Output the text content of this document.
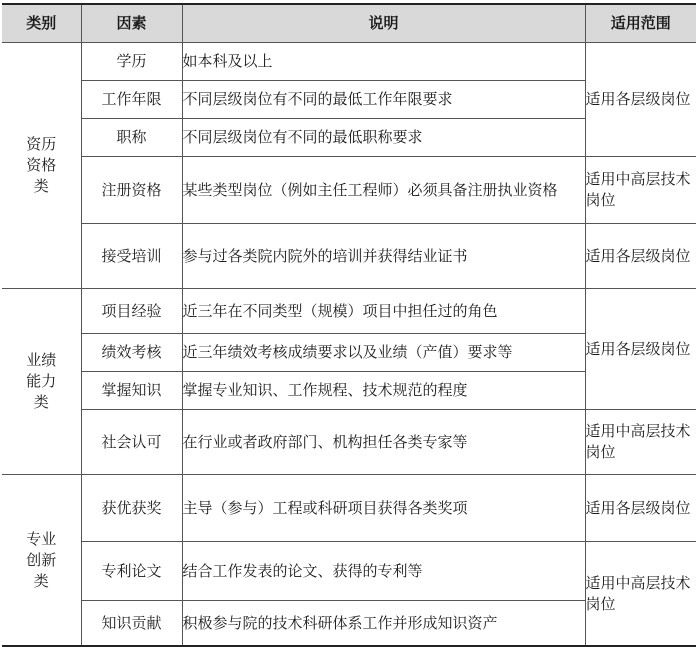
类别	因素	说明	适用范围

资历
资格
类	学历	如本科及以上	适用各层级岗位
	工作年限	不同层级岗位有不同的最低工作年限要求	
	职称	不同层级岗位有不同的最低职称要求	
	注册资格	某些类型岗位（例如主任工程师）必须具备注册执业资格	适用中高层技术岗位
	接受培训	参与过各类院内院外的培训并获得结业证书	适用各层级岗位

业绩
能力
类	项目经验	近三年在不同类型（规模）项目中担任过的角色	适用各层级岗位
	绩效考核	近三年绩效考核成绩要求以及业绩（产值）要求等	
	掌握知识	掌握专业知识、工作规程、技术规范的程度	
	社会认可	在行业或者政府部门、机构担任各类专家等	适用中高层技术岗位

专业
创新
类	获优获奖	主导（参与）工程或科研项目获得各类奖项	适用各层级岗位
	专利论文	结合工作发表的论文、获得的专利等	适用中高层技术岗位
	知识贡献	积极参与院的技术科研体系工作并形成知识资产	
